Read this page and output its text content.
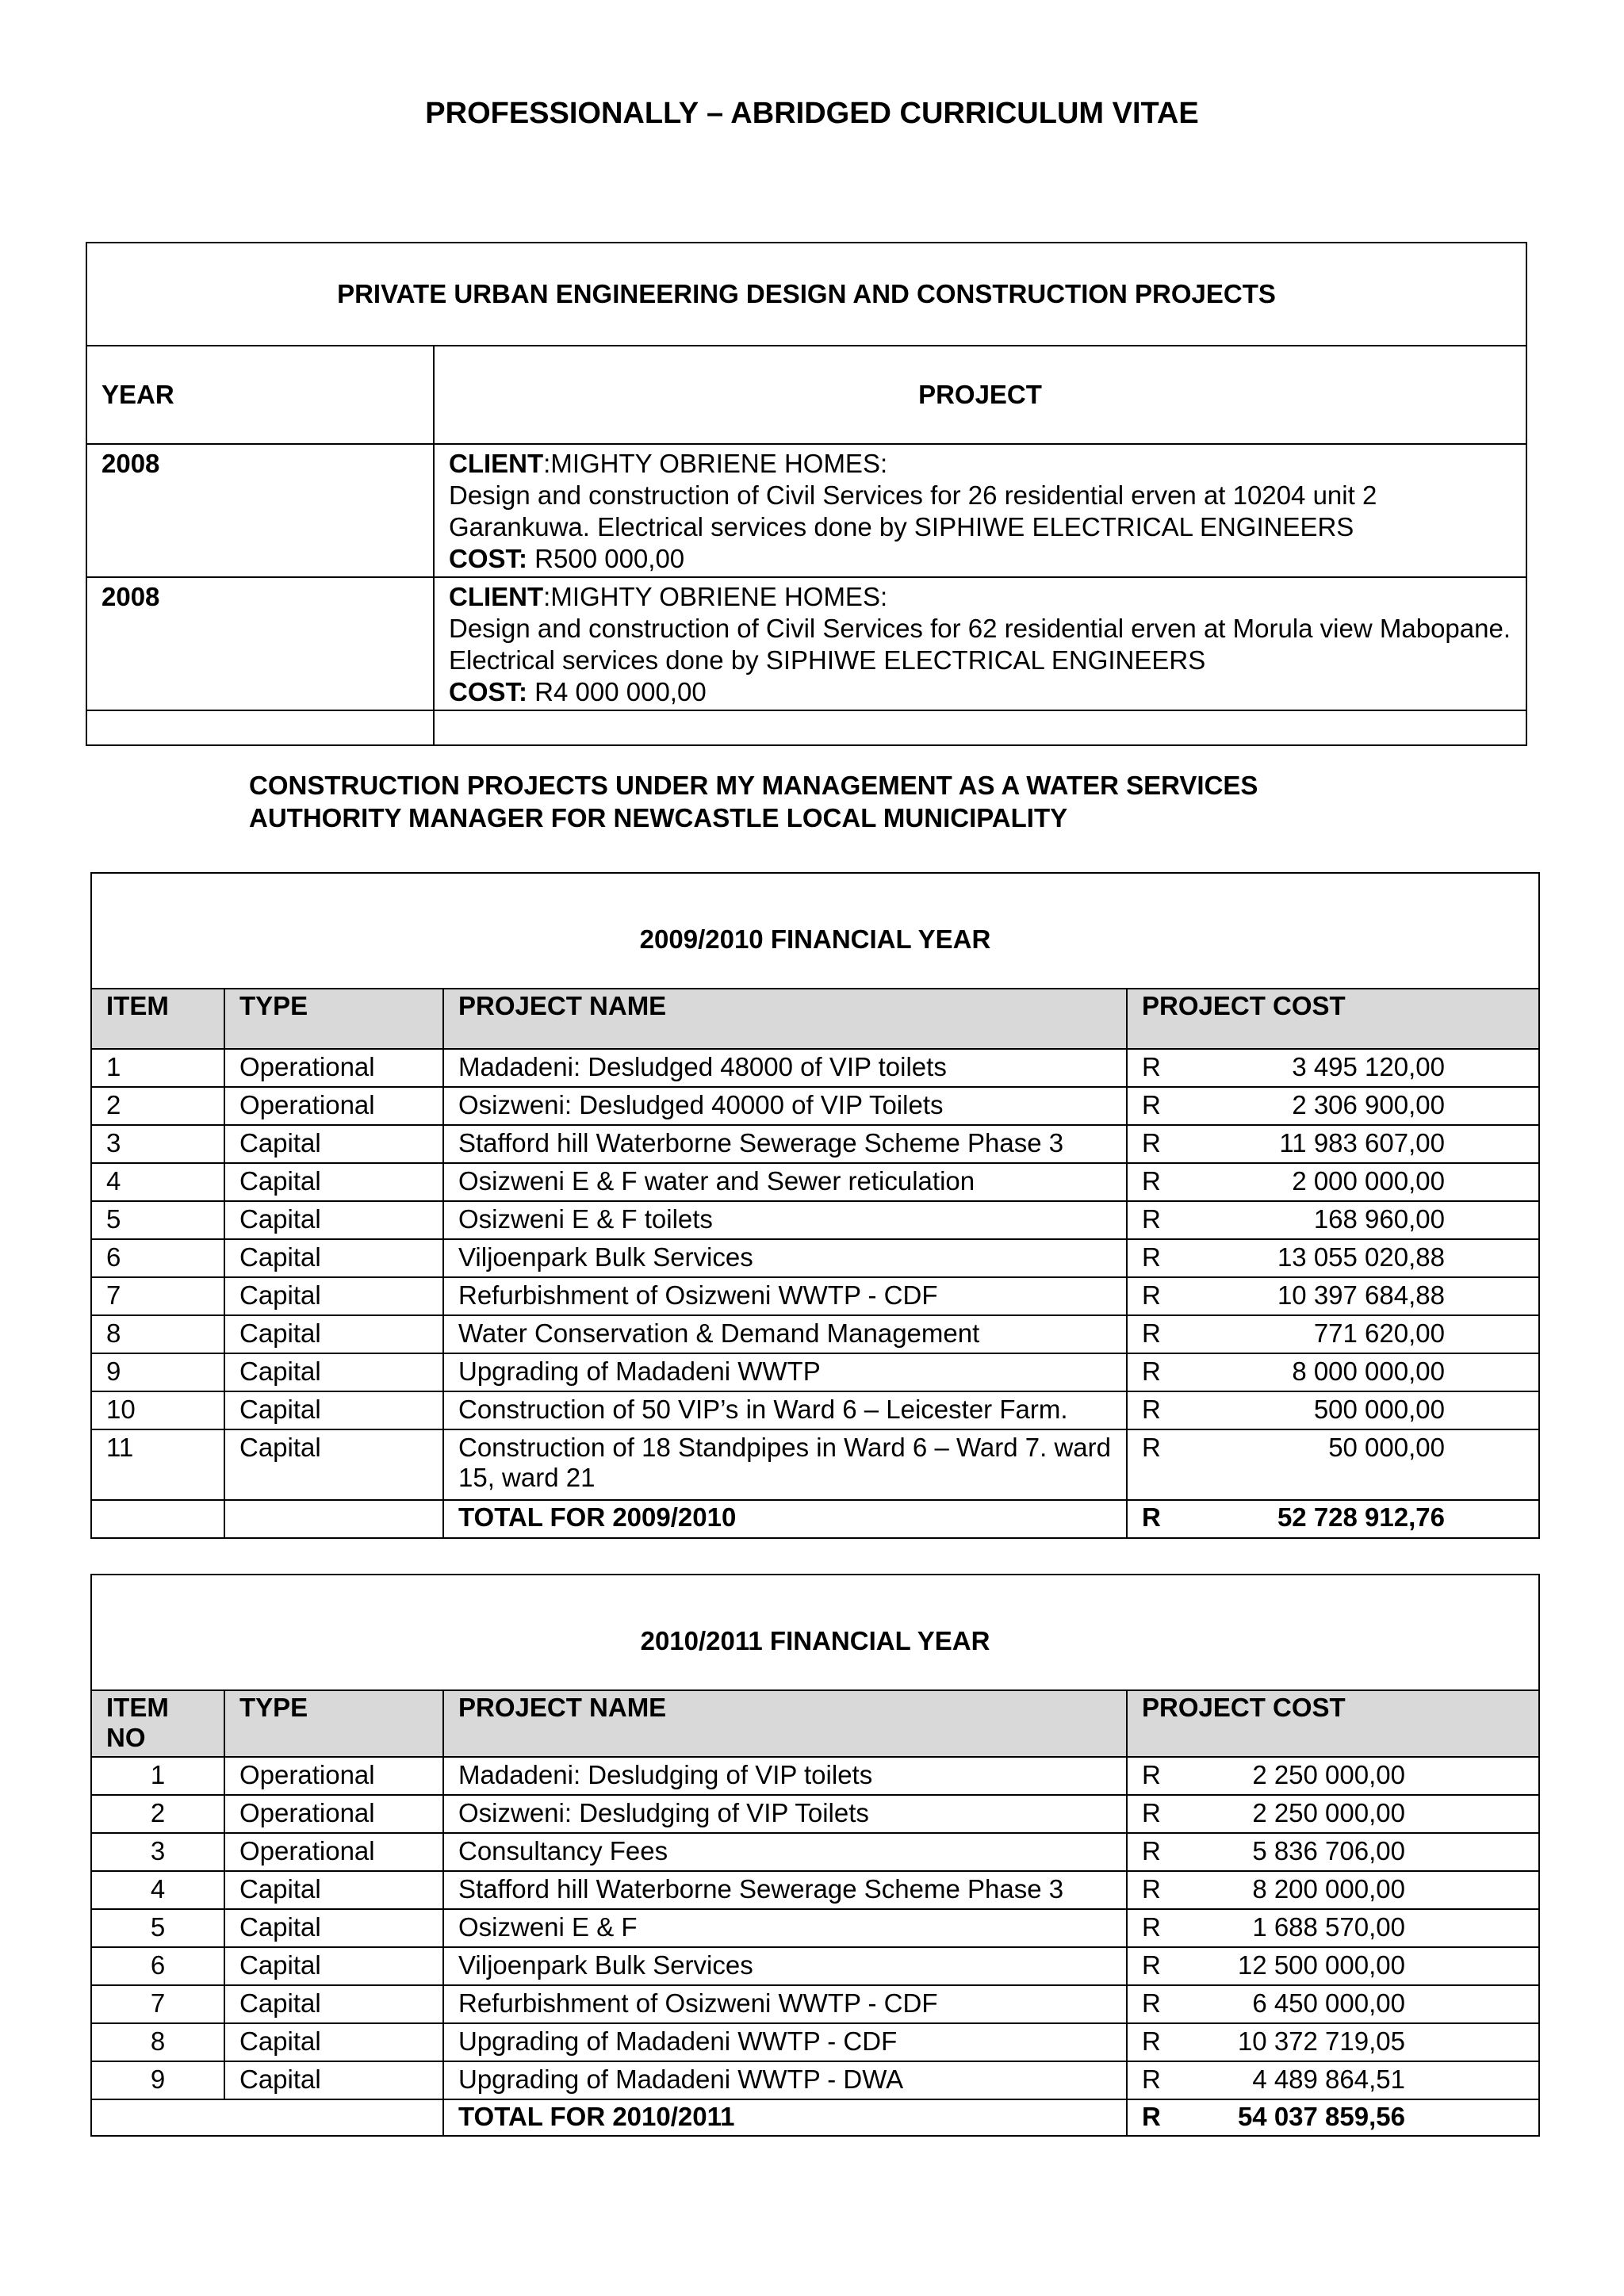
PROFESSIONALLY – ABRIDGED CURRICULUM VITAE
PRIVATE URBAN ENGINEERING DESIGN AND CONSTRUCTION PROJECTS	
YEAR	PROJECT
2008	CLIENT:MIGHTY OBRIENE HOMES:
Design and construction of Civil Services for 26 residential erven at 10204 unit 2 Garankuwa. Electrical services done by SIPHIWE ELECTRICAL ENGINEERS
COST: R500 000,00

2008	CLIENT:MIGHTY OBRIENE HOMES:
Design and construction of Civil Services for 62 residential erven at Morula view Mabopane. Electrical services done by SIPHIWE ELECTRICAL ENGINEERS
COST: R4 000 000,00

CONSTRUCTION PROJECTS UNDER MY MANAGEMENT AS A WATER SERVICES
AUTHORITY MANAGER FOR NEWCASTLE LOCAL MUNICIPALITY
2009/2010 FINANCIAL YEAR			
ITEM	TYPE	PROJECT NAME	PROJECT COST
1	Operational	Madadeni: Desludged 48000 of VIP toilets	R 3 495 120,00

2	Operational	Osizweni: Desludged 40000 of VIP Toilets	R 2 306 900,00

3	Capital	Stafford hill Waterborne Sewerage Scheme Phase 3	R 11 983 607,00

4	Capital	Osizweni E & F water and Sewer reticulation	R 2 000 000,00

5	Capital	Osizweni E & F toilets	R 168 960,00

6	Capital	Viljoenpark Bulk Services	R 13 055 020,88

7	Capital	Refurbishment of Osizweni WWTP - CDF	R 10 397 684,88

8	Capital	Water Conservation & Demand Management	R 771 620,00

9	Capital	Upgrading of Madadeni WWTP	R 8 000 000,00

10	Capital	Construction of 50 VIP’s in Ward 6 – Leicester Farm.	R 500 000,00

11	Capital	Construction of 18 Standpipes in Ward 6 – Ward 7. ward 15, ward 21	R 50 000,00

		TOTAL FOR 2009/2010	R 52 728 912,76
2010/2011 FINANCIAL YEAR			
ITEM NO	TYPE	PROJECT NAME	PROJECT COST
1	Operational	Madadeni: Desludging of VIP toilets	R 2 250 000,00

2	Operational	Osizweni: Desludging of VIP Toilets	R 2 250 000,00

3	Operational	Consultancy Fees	R 5 836 706,00

4	Capital	Stafford hill Waterborne Sewerage Scheme Phase 3	R 8 200 000,00

5	Capital	Osizweni E & F	R 1 688 570,00

6	Capital	Viljoenpark Bulk Services	R 12 500 000,00

7	Capital	Refurbishment of Osizweni WWTP - CDF	R 6 450 000,00

8	Capital	Upgrading of Madadeni WWTP - CDF	R 10 372 719,05

9	Capital	Upgrading of Madadeni WWTP - DWA	R 4 489 864,51

		TOTAL FOR 2010/2011	R 54 037 859,56
